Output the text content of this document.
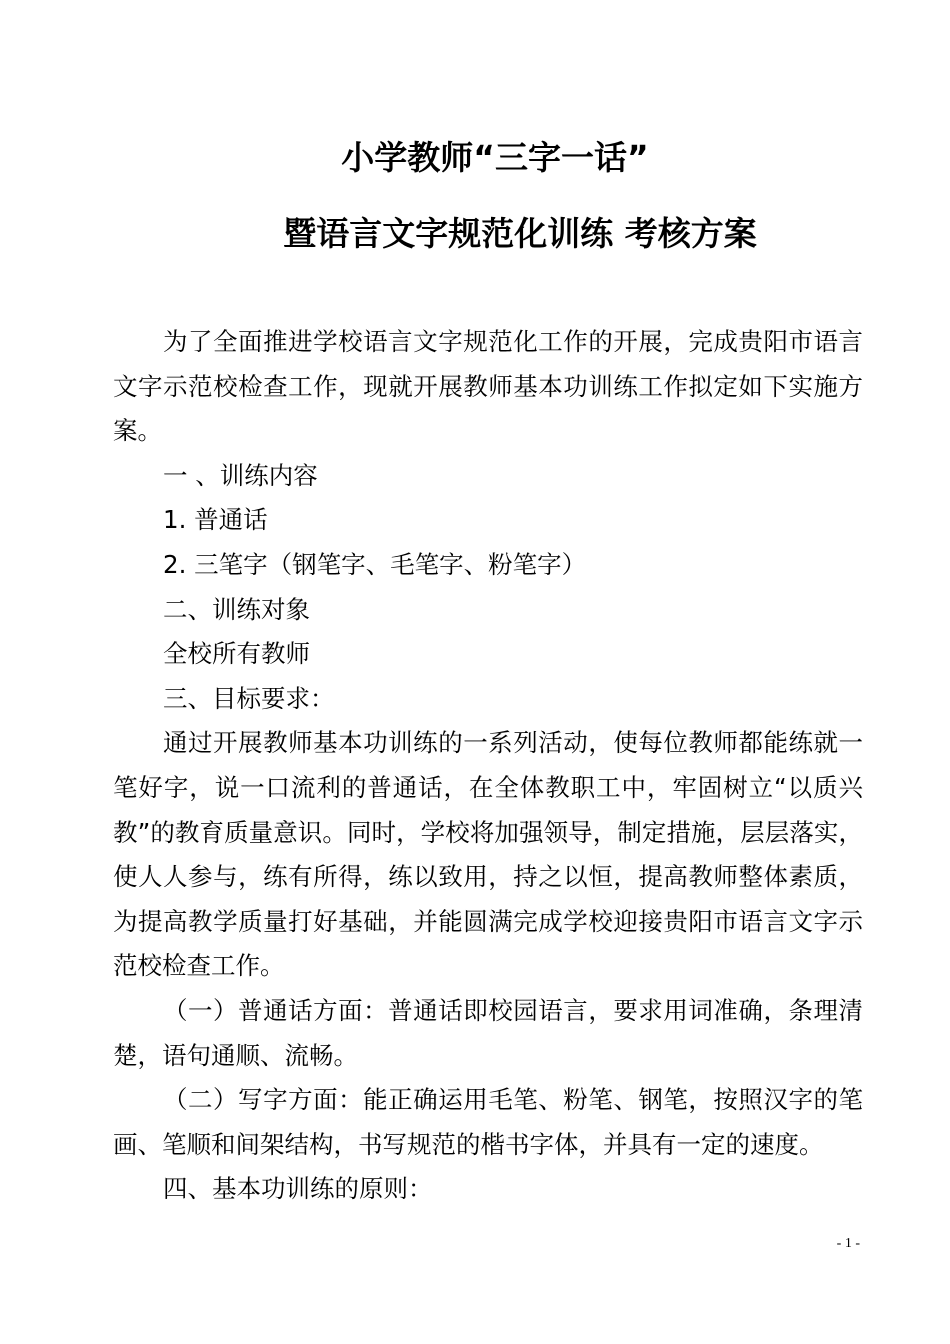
小学教师“三字一话”
暨语言文字规范化训练 考核方案

为了全面推进学校语言文字规范化工作的开展，完成贵阳市语言文字示范校检查工作，现就开展教师基本功训练工作拟定如下实施方案。

一 、训练内容

1. 普通话

2. 三笔字（钢笔字、毛笔字、粉笔字）

二、训练对象

全校所有教师

三、目标要求：

通过开展教师基本功训练的一系列活动，使每位教师都能练就一笔好字，说一口流利的普通话，在全体教职工中，牢固树立“以质兴教”的教育质量意识。同时，学校将加强领导，制定措施，层层落实，使人人参与，练有所得，练以致用，持之以恒，提高教师整体素质，为提高教学质量打好基础，并能圆满完成学校迎接贵阳市语言文字示范校检查工作。

（一）普通话方面：普通话即校园语言，要求用词准确，条理清楚，语句通顺、流畅。

（二）写字方面：能正确运用毛笔、粉笔、钢笔，按照汉字的笔画、笔顺和间架结构，书写规范的楷书字体，并具有一定的速度。

四、基本功训练的原则：

- 1 -
